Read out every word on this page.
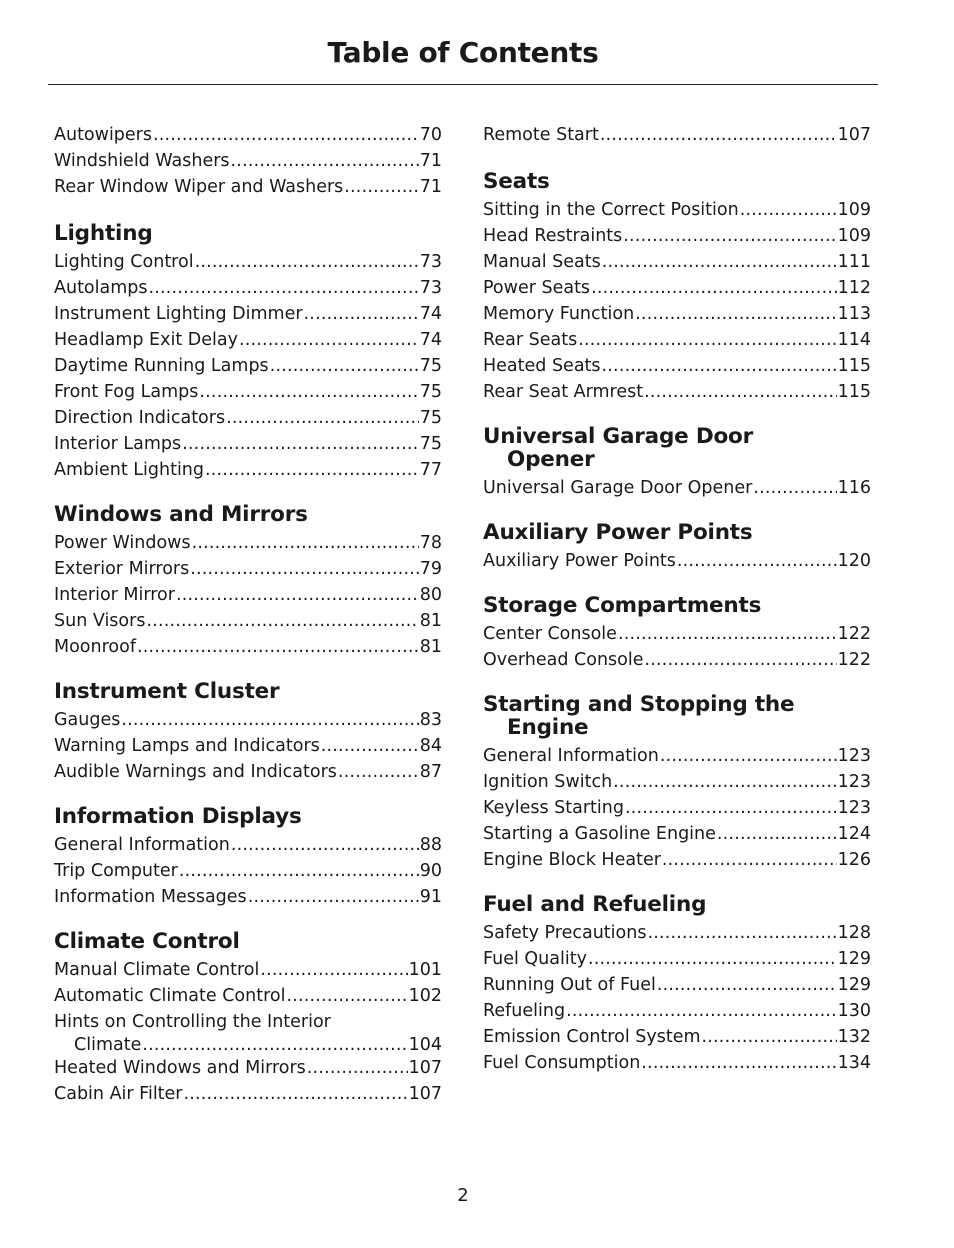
Table of Contents
Autowipers .....	70
Windshield Washers .....	71
Rear Window Wiper and Washers .....	71
Lighting
Lighting Control .....	73
Autolamps .....	73
Instrument Lighting Dimmer .....	74
Headlamp Exit Delay .....	74
Daytime Running Lamps .....	75
Front Fog Lamps .....	75
Direction Indicators .....	75
Interior Lamps .....	75
Ambient Lighting .....	77
Windows and Mirrors
Power Windows .....	78
Exterior Mirrors .....	79
Interior Mirror .....	80
Sun Visors .....	81
Moonroof .....	81
Instrument Cluster
Gauges .....	83
Warning Lamps and Indicators .....	84
Audible Warnings and Indicators .....	87
Information Displays
General Information .....	88
Trip Computer .....	90
Information Messages .....	91
Climate Control
Manual Climate Control .....	101
Automatic Climate Control .....	102
Hints on Controlling the Interior
Climate .....	104
Heated Windows and Mirrors .....	107
Cabin Air Filter .....	107
Remote Start .....	107
Seats
Sitting in the Correct Position .....	109
Head Restraints .....	109
Manual Seats .....	111
Power Seats .....	112
Memory Function .....	113
Rear Seats .....	114
Heated Seats .....	115
Rear Seat Armrest .....	115
Universal Garage Door
Opener
Universal Garage Door Opener .....	116
Auxiliary Power Points
Auxiliary Power Points .....	120
Storage Compartments
Center Console .....	122
Overhead Console .....	122
Starting and Stopping the
Engine
General Information .....	123
Ignition Switch .....	123
Keyless Starting .....	123
Starting a Gasoline Engine .....	124
Engine Block Heater .....	126
Fuel and Refueling
Safety Precautions .....	128
Fuel Quality .....	129
Running Out of Fuel .....	129
Refueling .....	130
Emission Control System .....	132
Fuel Consumption .....	134
2
